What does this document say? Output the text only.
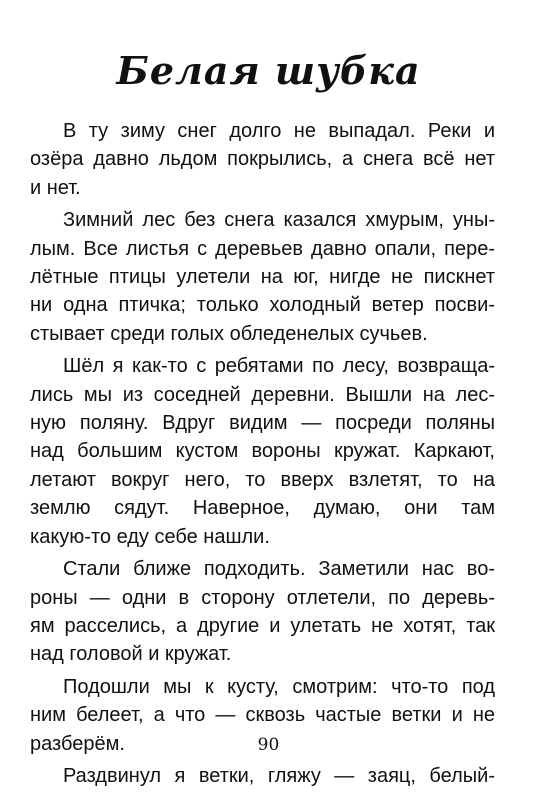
Белая шубка
В ту зиму снег долго не выпадал. Реки и
озёра давно льдом покрылись, а снега всё нет
и нет.
Зимний лес без снега казался хмурым, уны-
лым. Все листья с деревьев давно опали, пере-
лётные птицы улетели на юг, нигде не пискнет
ни одна птичка; только холодный ветер посви-
стывает среди голых обледенелых сучьев.
Шёл я как-то с ребятами по лесу, возвраща-
лись мы из соседней деревни. Вышли на лес-
ную поляну. Вдруг видим — посреди поляны
над большим кустом вороны кружат. Каркают,
летают вокруг него, то вверх взлетят, то на
землю сядут. Наверное, думаю, они там
какую-то еду себе нашли.
Стали ближе подходить. Заметили нас во-
роны — одни в сторону отлетели, по деревь-
ям расселись, а другие и улетать не хотят, так
над головой и кружат.
Подошли мы к кусту, смотрим: что-то под
ним белеет, а что — сквозь частые ветки и не
разберём.
Раздвинул я ветки, гляжу — заяц, белый-
90
